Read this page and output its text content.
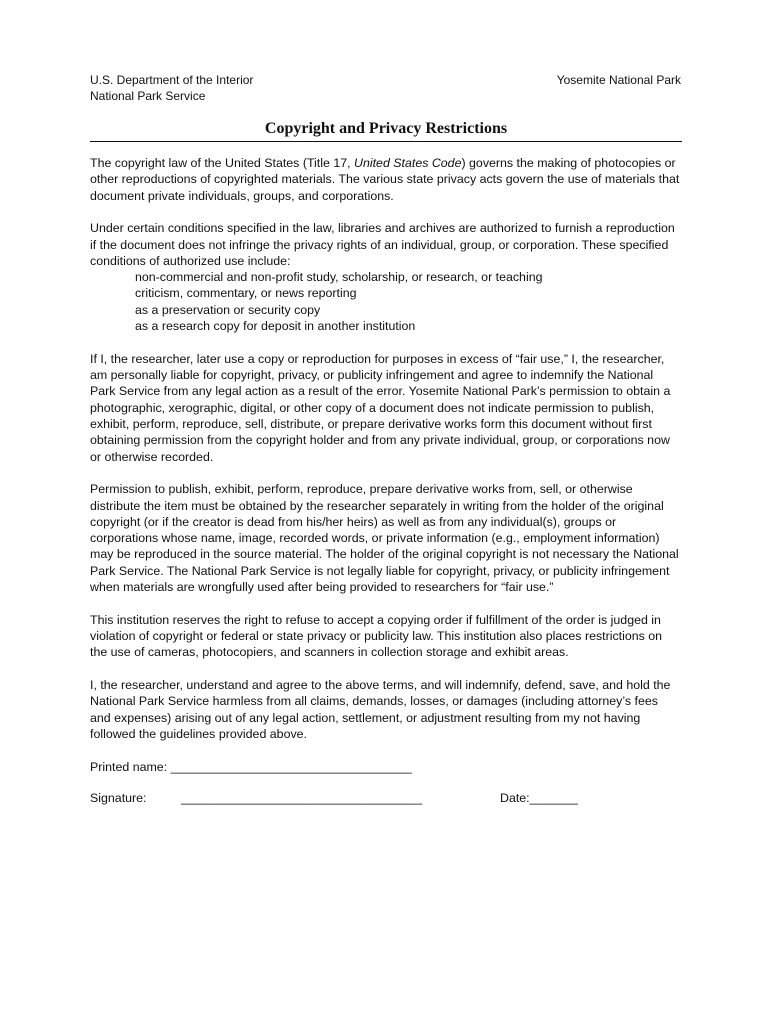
U.S. Department of the Interior
National Park Service
Yosemite National Park
Copyright and Privacy Restrictions

The copyright law of the United States (Title 17, United States Code) governs the making of photocopies or other reproductions of copyrighted materials. The various state privacy acts govern the use of materials that document private individuals, groups, and corporations.

Under certain conditions specified in the law, libraries and archives are authorized to furnish a reproduction if the document does not infringe the privacy rights of an individual, group, or corporation. These specified conditions of authorized use include:
non-commercial and non-profit study, scholarship, or research, or teaching
criticism, commentary, or news reporting
as a preservation or security copy
as a research copy for deposit in another institution

If I, the researcher, later use a copy or reproduction for purposes in excess of “fair use,” I, the researcher, am personally liable for copyright, privacy, or publicity infringement and agree to indemnify the National Park Service from any legal action as a result of the error. Yosemite National Park’s permission to obtain a photographic, xerographic, digital, or other copy of a document does not indicate permission to publish, exhibit, perform, reproduce, sell, distribute, or prepare derivative works form this document without first obtaining permission from the copyright holder and from any private individual, group, or corporations now or otherwise recorded.

Permission to publish, exhibit, perform, reproduce, prepare derivative works from, sell, or otherwise distribute the item must be obtained by the researcher separately in writing from the holder of the original copyright (or if the creator is dead from his/her heirs) as well as from any individual(s), groups or corporations whose name, image, recorded words, or private information (e.g., employment information) may be reproduced in the source material. The holder of the original copyright is not necessary the National Park Service. The National Park Service is not legally liable for copyright, privacy, or publicity infringement when materials are wrongfully used after being provided to researchers for “fair use.”

This institution reserves the right to refuse to accept a copying order if fulfillment of the order is judged in violation of copyright or federal or state privacy or publicity law. This institution also places restrictions on the use of cameras, photocopiers, and scanners in collection storage and exhibit areas.

I, the researcher, understand and agree to the above terms, and will indemnify, defend, save, and hold the National Park Service harmless from all claims, demands, losses, or damages (including attorney’s fees and expenses) arising out of any legal action, settlement, or adjustment resulting from my not having followed the guidelines provided above.

Printed name: ___________________________________
Signature:	___________________________________	Date:_______
